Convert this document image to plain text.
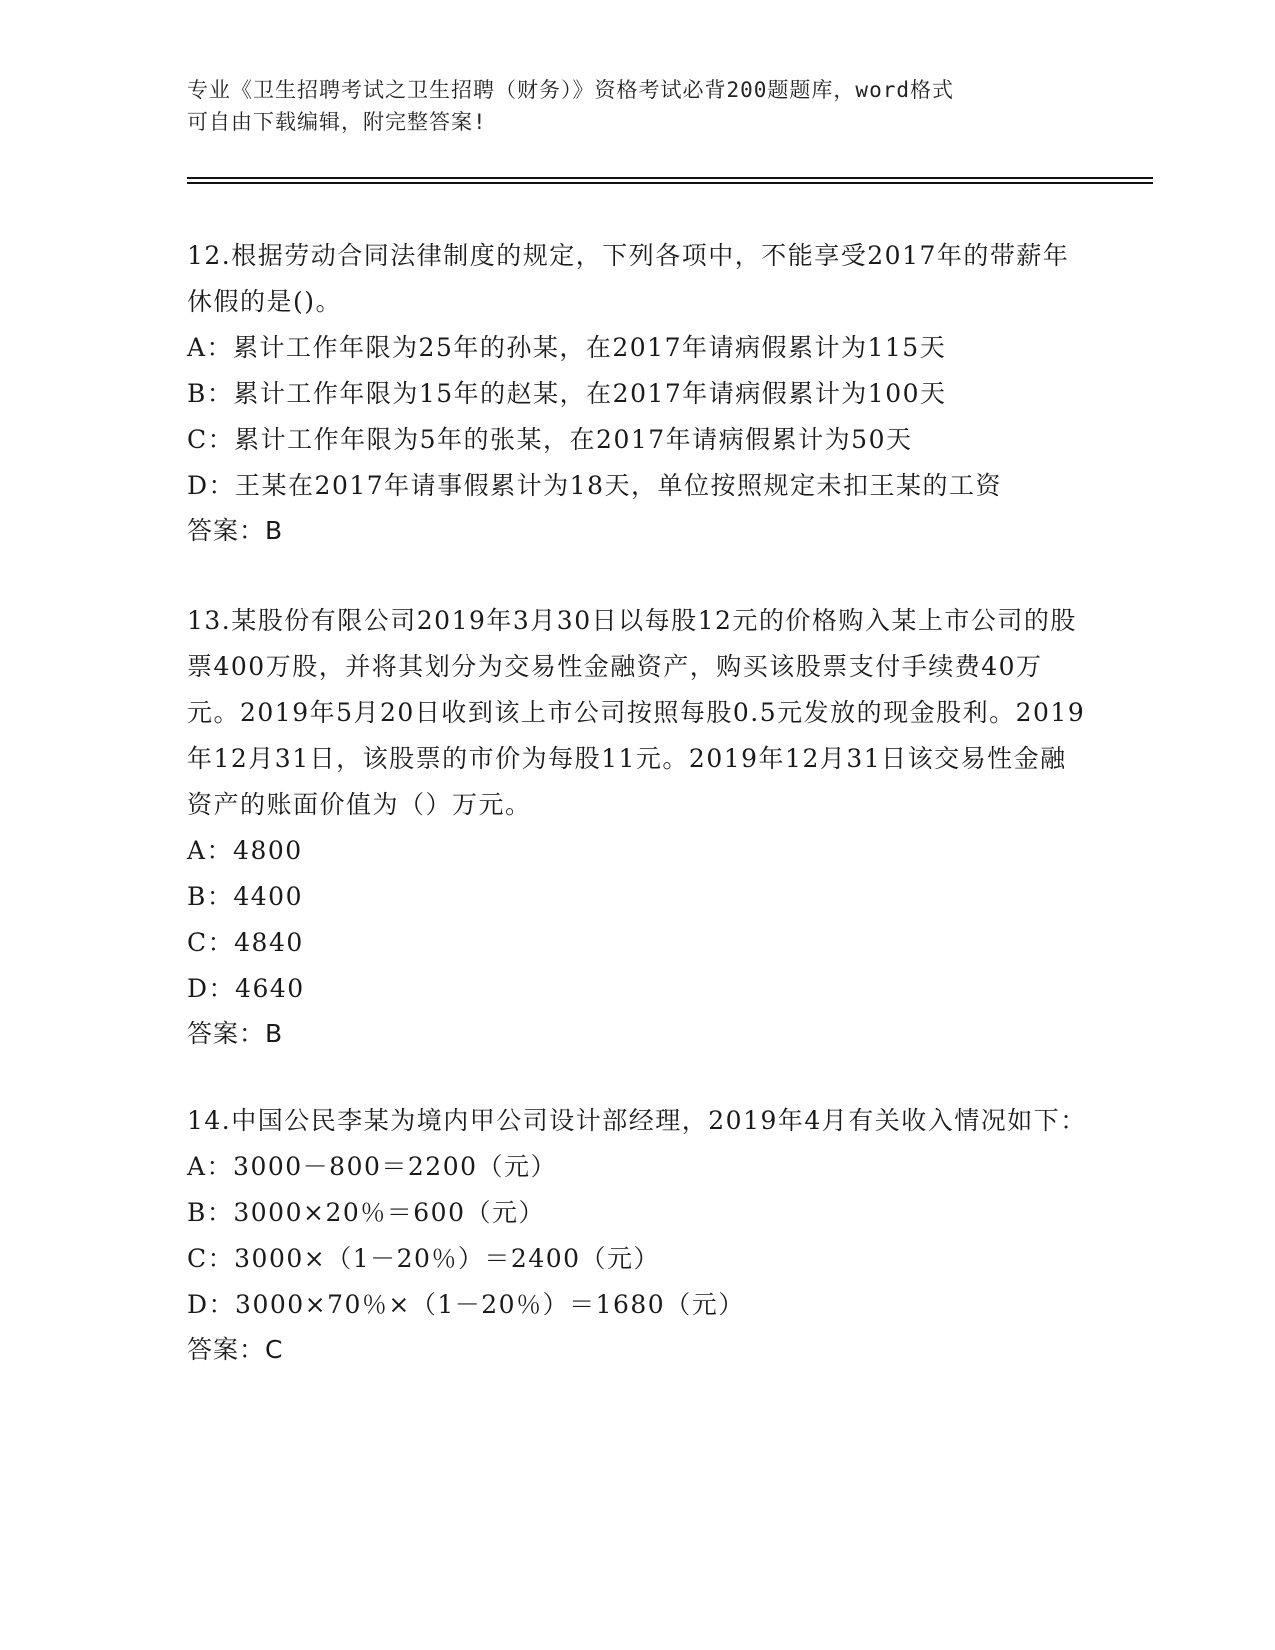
专业《卫生招聘考试之卫生招聘（财务）》资格考试必背200题题库，word格式
可自由下载编辑，附完整答案!

12.根据劳动合同法律制度的规定，下列各项中，不能享受2017年的带薪年休假的是()。

A：累计工作年限为25年的孙某，在2017年请病假累计为115天

B：累计工作年限为15年的赵某，在2017年请病假累计为100天

C：累计工作年限为5年的张某，在2017年请病假累计为50天

D：王某在2017年请事假累计为18天，单位按照规定未扣王某的工资

答案：B

13.某股份有限公司2019年3月30日以每股12元的价格购入某上市公司的股票400万股，并将其划分为交易性金融资产，购买该股票支付手续费40万元。2019年5月20日收到该上市公司按照每股0.5元发放的现金股利。2019年12月31日，该股票的市价为每股11元。2019年12月31日该交易性金融资产的账面价值为（）万元。

A：4800

B：4400

C：4840

D：4640

答案：B

14.中国公民李某为境内甲公司设计部经理，2019年4月有关收入情况如下：

A：3000－800＝2200（元）

B：3000×20％＝600（元）

C：3000×（1－20％）＝2400（元）

D：3000×70％×（1－20％）＝1680（元）

答案：C
